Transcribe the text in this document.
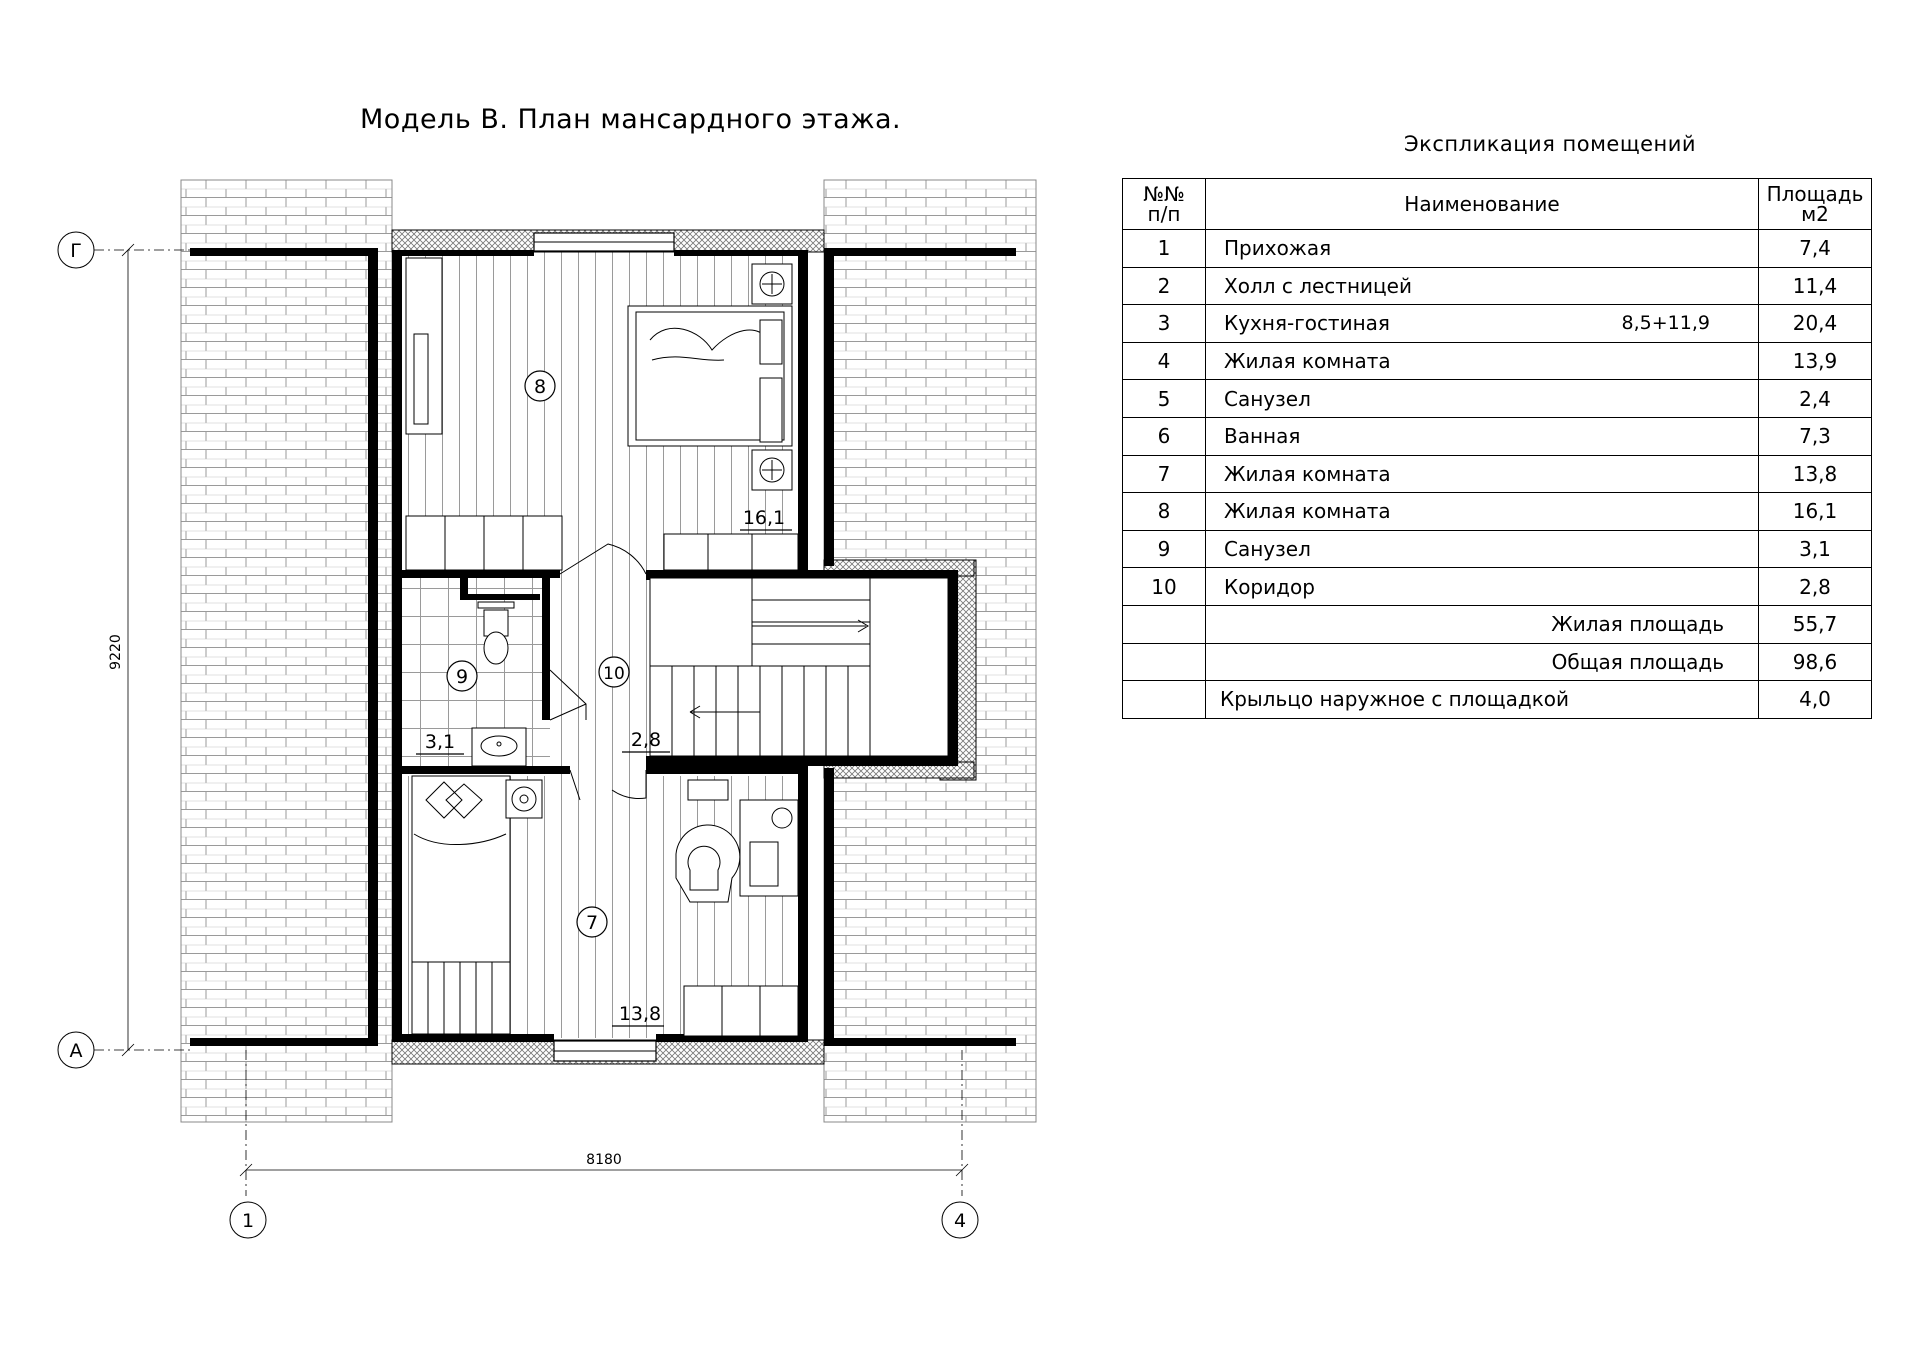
8
16,1
9
3,1
10
2,8
7
13,8
Г
А
1	4
8180
9220
Модель В. План мансардного этажа.
Экспликация помещений
№№
п/п	Наименование	Площадь
м2
1	Прихожая	7,4
2	Холл с лестницей	11,4
3	Кухня-гостиная 8,5+11,9	20,4
4	Жилая комната	13,9
5	Санузел	2,4
6	Ванная	7,3
7	Жилая комната	13,8
8	Жилая комната	16,1
9	Санузел	3,1
10	Коридор	2,8
	Жилая площадь	55,7
	Общая площадь	98,6
	Крыльцо наружное с площадкой	4,0
